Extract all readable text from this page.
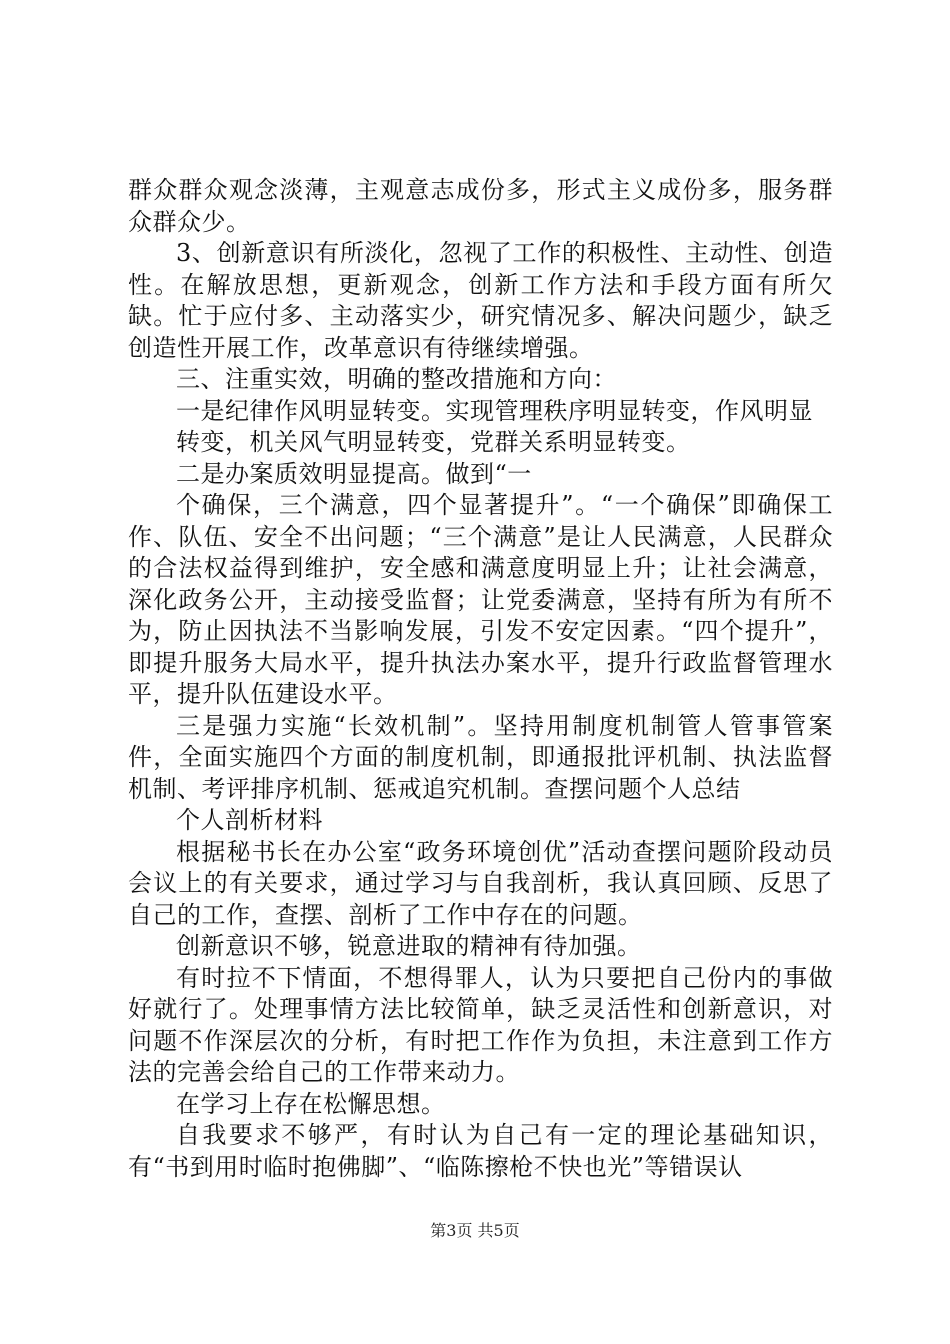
群众群众观念淡薄，主观意志成份多，形式主义成份多，服务群众群众少。

3、创新意识有所淡化，忽视了工作的积极性、主动性、创造性。在解放思想，更新观念，创新工作方法和手段方面有所欠缺。忙于应付多、主动落实少，研究情况多、解决问题少，缺乏创造性开展工作，改革意识有待继续增强。

三、注重实效，明确的整改措施和方向：

一是纪律作风明显转变。实现管理秩序明显转变，作风明显

转变，机关风气明显转变，党群关系明显转变。

二是办案质效明显提高。做到“一

个确保，三个满意，四个显著提升”。“一个确保”即确保工作、队伍、安全不出问题；“三个满意”是让人民满意，人民群众的合法权益得到维护，安全感和满意度明显上升；让社会满意，深化政务公开，主动接受监督；让党委满意，坚持有所为有所不为，防止因执法不当影响发展，引发不安定因素。“四个提升”，即提升服务大局水平，提升执法办案水平，提升行政监督管理水平，提升队伍建设水平。

三是强力实施“长效机制”。坚持用制度机制管人管事管案件，全面实施四个方面的制度机制，即通报批评机制、执法监督机制、考评排序机制、惩戒追究机制。查摆问题个人总结

个人剖析材料

根据秘书长在办公室“政务环境创优”活动查摆问题阶段动员会议上的有关要求，通过学习与自我剖析，我认真回顾、反思了自己的工作，查摆、剖析了工作中存在的问题。

创新意识不够，锐意进取的精神有待加强。

有时拉不下情面，不想得罪人，认为只要把自己份内的事做好就行了。处理事情方法比较简单，缺乏灵活性和创新意识，对问题不作深层次的分析，有时把工作作为负担，未注意到工作方法的完善会给自己的工作带来动力。

在学习上存在松懈思想。

自我要求不够严，有时认为自己有一定的理论基础知识，有“书到用时临时抱佛脚”、“临陈擦枪不快也光”等错误认

第3页 共5页
